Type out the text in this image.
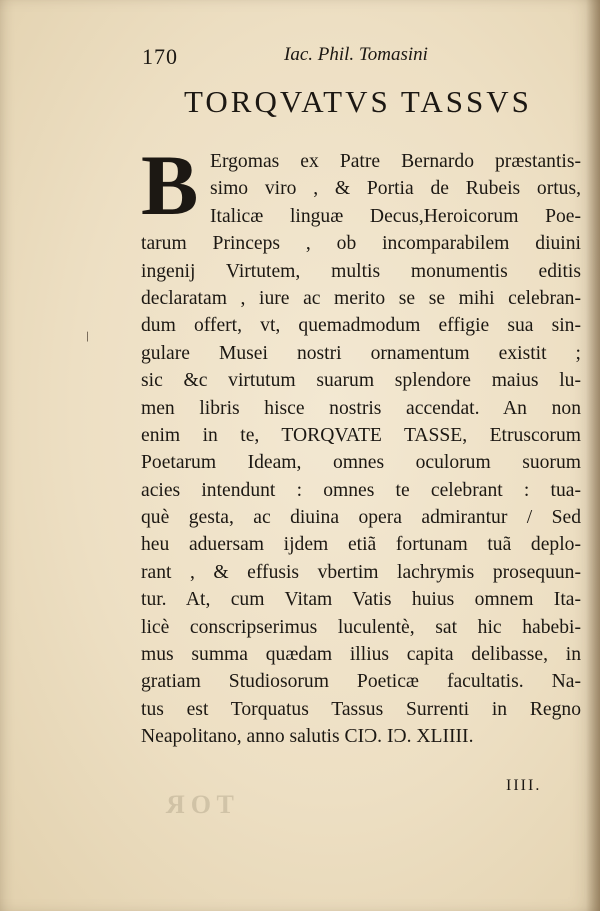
170	Iac. Phil. Tomasini
TORQVATVS TASSVS
/
B Ergomas ex Patre Bernardo præstantis-
simo viro , & Portia de Rubeis ortus,
Italicæ linguæ Decus,Heroicorum Poe-
tarum Princeps , ob incomparabilem diuini
ingenij Virtutem, multis monumentis editis
declaratam , iure ac merito se se mihi celebran-
dum offert, vt, quemadmodum effigie sua sin-
gulare Musei nostri ornamentum existit ;
sic &c virtutum suarum splendore maius lu-
men libris hisce nostris accendat. An non
enim in te, TORQVATE TASSE, Etruscorum
Poetarum Ideam, omnes oculorum suorum
acies intendunt : omnes te celebrant : tua-
què gesta, ac diuina opera admirantur / Sed
heu aduersam ijdem etiã fortunam tuã deplo-
rant , & effusis vbertim lachrymis prosequun-
tur. At, cum Vitam Vatis huius omnem Ita-
licè conscripserimus luculentè, sat hic habebi-
mus summa quædam illius capita delibasse, in
gratiam Studiosorum Poeticæ facultatis. Na-
tus est Torquatus Tassus Surrenti in Regno
Neapolitano, anno salutis CIƆ. IƆ. XLIIII.
IIII.
TOR
